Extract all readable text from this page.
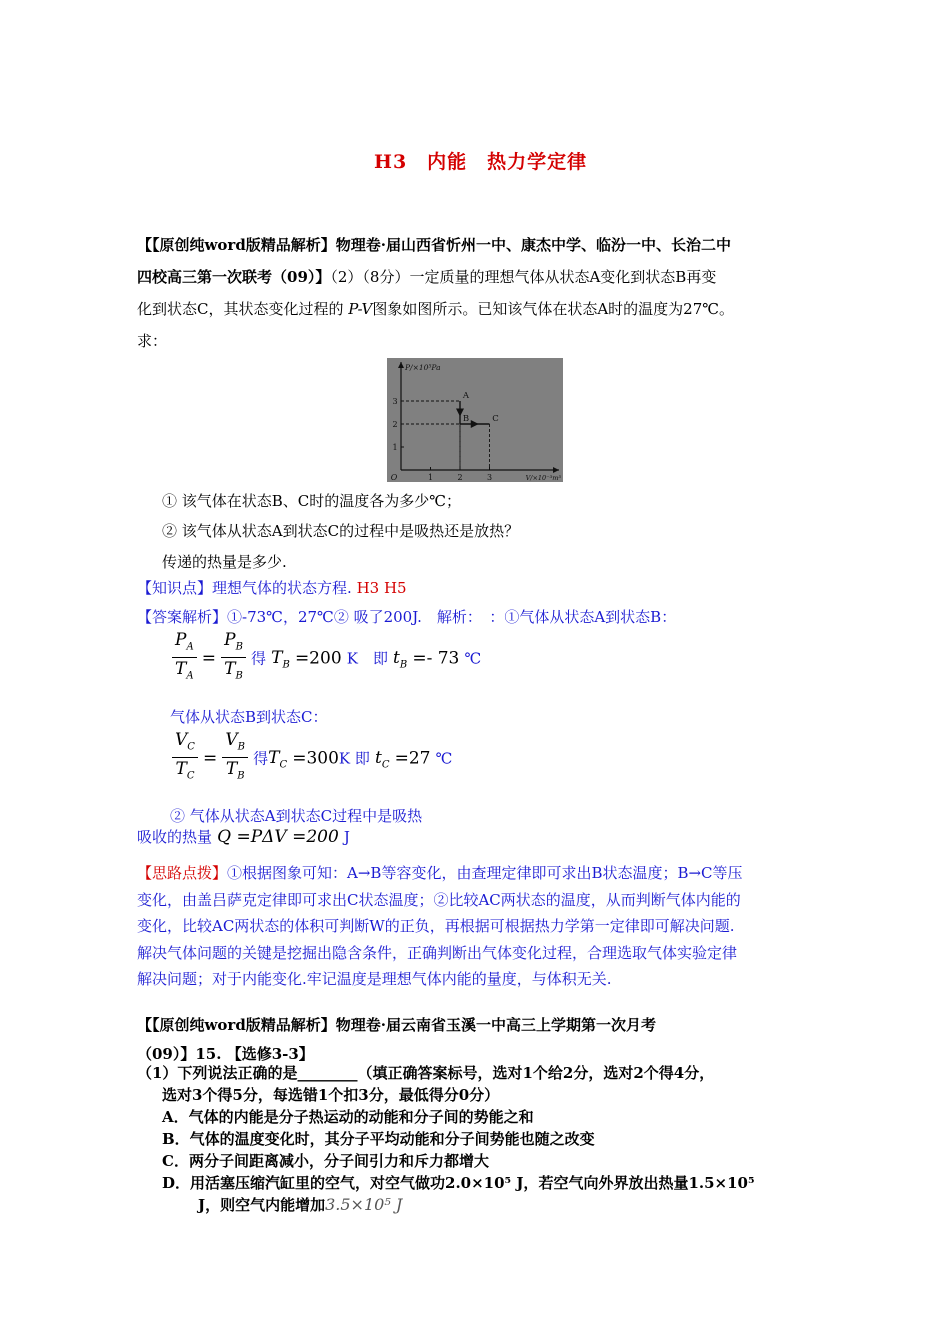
H3　内能　热力学定律
【【原创纯word版精品解析】物理卷·届山西省忻州一中、康杰中学、临汾一中、长治二中
四校高三第一次联考（09）】（2）（8分）一定质量的理想气体从状态A变化到状态B再变
化到状态C，其状态变化过程的 P-V图象如图所示。已知该气体在状态A时的温度为27℃。
求：
P/×10⁵Pa
V/×10⁻³m³
O	1	2	3
1
2
3
A
B	C
① 该气体在状态B、C时的温度各为多少℃；
② 该气体从状态A到状态C的过程中是吸热还是放热？
传递的热量是多少.
【知识点】理想气体的状态方程. H3 H5
【答案解析】①-73℃，27℃② 吸了200J.　解析：　：①气体从状态A到状态B：
$\frac{P_A}{T_A} = \frac{P_B}{T_B}$ 得 $T_B =200$ K　即 $t_B =- 73$ ℃
气体从状态B到状态C：
$\frac{V_C}{T_C} = \frac{V_B}{T_B}$ 得$T_C =300K$ 即 $t_C =27$ ℃
② 气体从状态A到状态C过程中是吸热
吸收的热量 Q =PΔV =200 J
【思路点拨】①根据图象可知：A→B等容变化，由查理定律即可求出B状态温度；B→C等压
变化，由盖吕萨克定律即可求出C状态温度；②比较AC两状态的温度，从而判断气体内能的
变化，比较AC两状态的体积可判断W的正负，再根据可根据热力学第一定律即可解决问题.
解决气体问题的关键是挖掘出隐含条件，正确判断出气体变化过程，合理选取气体实验定律
解决问题；对于内能变化.牢记温度是理想气体内能的量度，与体积无关.
【【原创纯word版精品解析】物理卷·届云南省玉溪一中高三上学期第一次月考
（09）】15. 【选修3-3】
（1）下列说法正确的是________（填正确答案标号，选对1个给2分，选对2个得4分，
选对3个得5分，每选错1个扣3分，最低得分0分）
A．气体的内能是分子热运动的动能和分子间的势能之和
B．气体的温度变化时，其分子平均动能和分子间势能也随之改变
C．两分子间距离减小，分子间引力和斥力都增大
D．用活塞压缩汽缸里的空气，对空气做功2.0×10⁵ J，若空气向外界放出热量1.5×10⁵
J，则空气内能增加3.5×10⁵ J
